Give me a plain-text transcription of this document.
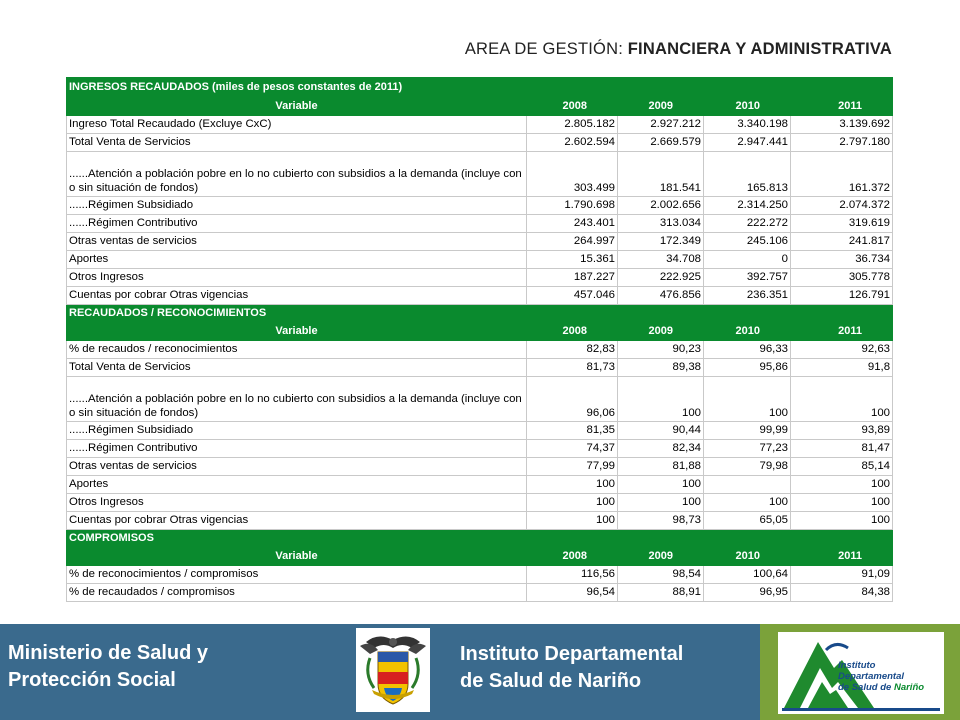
AREA DE GESTIÓN: FINANCIERA Y ADMINISTRATIVA
INGRESOS RECAUDADOS (miles de pesos constantes de 2011)				
Variable	2008	2009	2010	2011
Ingreso Total Recaudado (Excluye CxC)	2.805.182	2.927.212	3.340.198	3.139.692
Total Venta de Servicios	2.602.594	2.669.579	2.947.441	2.797.180
......Atención a población pobre en lo no cubierto con subsidios a la demanda (incluye con o sin situación de fondos)	303.499	181.541	165.813	161.372
......Régimen Subsidiado	1.790.698	2.002.656	2.314.250	2.074.372
......Régimen Contributivo	243.401	313.034	222.272	319.619
Otras ventas de servicios	264.997	172.349	245.106	241.817
Aportes	15.361	34.708	0	36.734
Otros Ingresos	187.227	222.925	392.757	305.778
Cuentas por cobrar Otras vigencias	457.046	476.856	236.351	126.791
RECAUDADOS / RECONOCIMIENTOS				
Variable	2008	2009	2010	2011
% de recaudos / reconocimientos	82,83	90,23	96,33	92,63
Total Venta de Servicios	81,73	89,38	95,86	91,8
......Atención a población pobre en lo no cubierto con subsidios a la demanda (incluye con o sin situación de fondos)	96,06	100	100	100
......Régimen Subsidiado	81,35	90,44	99,99	93,89
......Régimen Contributivo	74,37	82,34	77,23	81,47
Otras ventas de servicios	77,99	81,88	79,98	85,14
Aportes	100	100		100
Otros Ingresos	100	100	100	100
Cuentas por cobrar Otras vigencias	100	98,73	65,05	100
COMPROMISOS				
Variable	2008	2009	2010	2011
% de reconocimientos / compromisos	116,56	98,54	100,64	91,09
% de recaudados / compromisos	96,54	88,91	96,95	84,38
Ministerio de Salud y
Protección Social
Instituto Departamental
de Salud de Nariño
Instituto
Departamental
de Salud de Nariño
